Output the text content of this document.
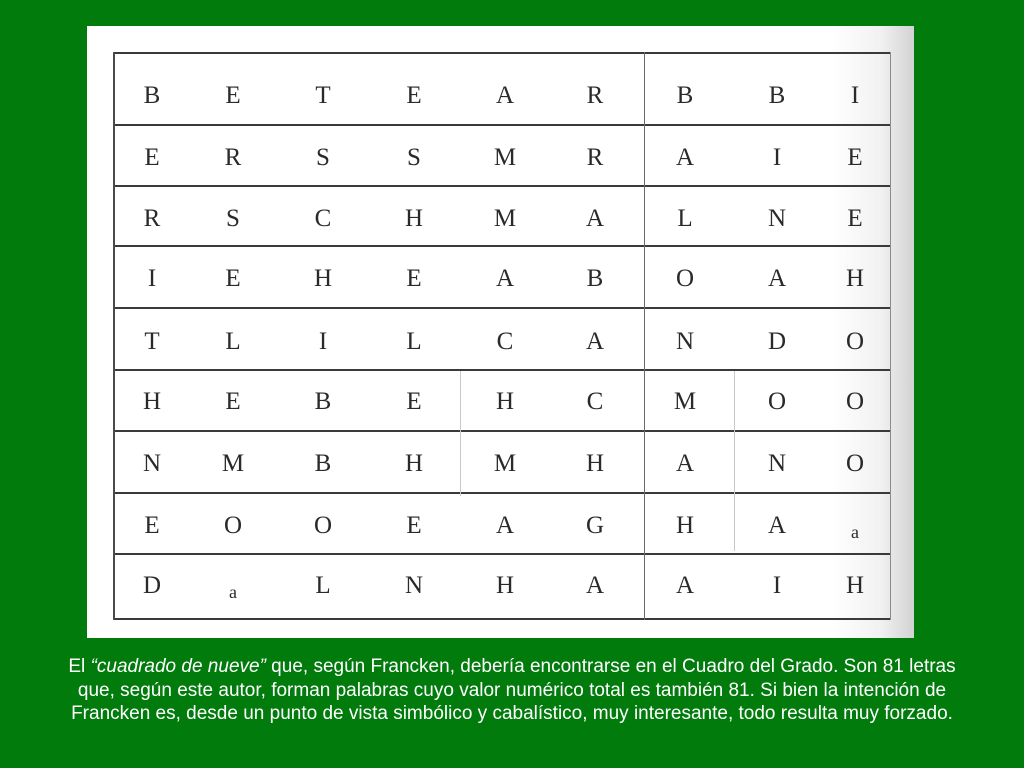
B	E	T	E	A	R	B	B	I
E	R	S	S	M	R	A	I	E
R	S	C	H	M	A	L	N	E
I	E	H	E	A	B	O	A	H
T	L	I	L	C	A	N	D	O
H	E	B	E	H	C	M	O	O
N	M	B	H	M	H	A	N	O
E	O	O	E	A	G	H	A	a
D	a	L	N	H	A	A	I	H
El “cuadrado de nueve” que, según Francken, debería encontrarse en el Cuadro del Grado. Son 81 letras que, según este autor, forman palabras cuyo valor numérico total es también 81. Si bien la intención de Francken es, desde un punto de vista simbólico y cabalístico, muy interesante, todo resulta muy forzado.
